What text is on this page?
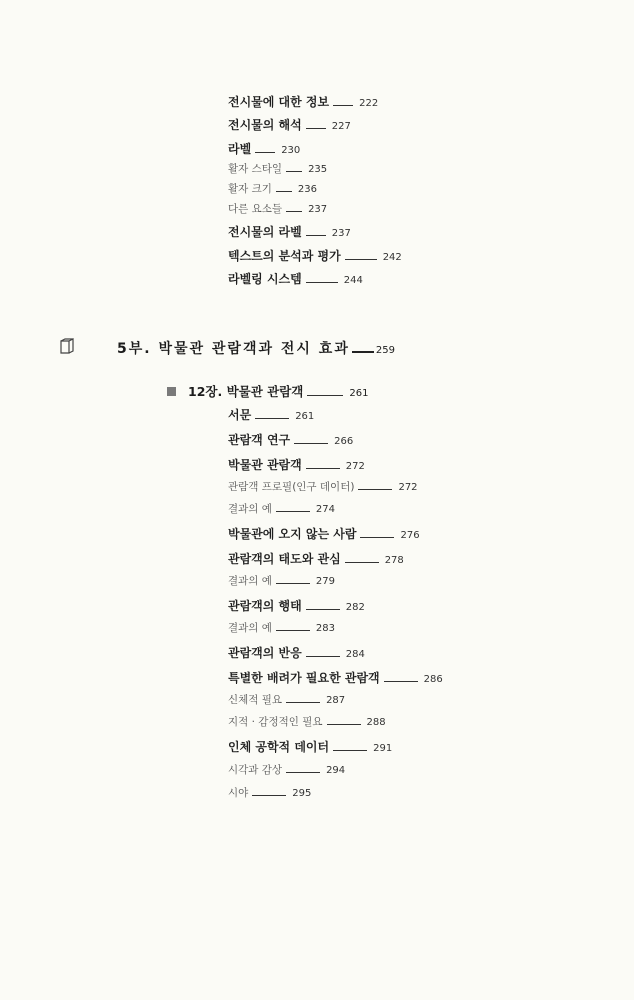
전시물에 대한 정보	222
전시물의 해석	227
라벨	230
활자 스타일	235
활자 크기	236
다른 요소들	237
전시물의 라벨	237
텍스트의 분석과 평가	242
라벨링 시스템	244
5부. 박물관 관람객과 전시 효과	259
12장. 박물관 관람객	261
서문	261
관람객 연구	266
박물관 관람객	272
관람객 프로필(인구 데이터)	272
결과의 예	274
박물관에 오지 않는 사람	276
관람객의 태도와 관심	278
결과의 예	279
관람객의 행태	282
결과의 예	283
관람객의 반응	284
특별한 배려가 필요한 관람객	286
신체적 필요	287
지적 · 감정적인 필요	288
인체 공학적 데이터	291
시각과 감상	294
시야	295
